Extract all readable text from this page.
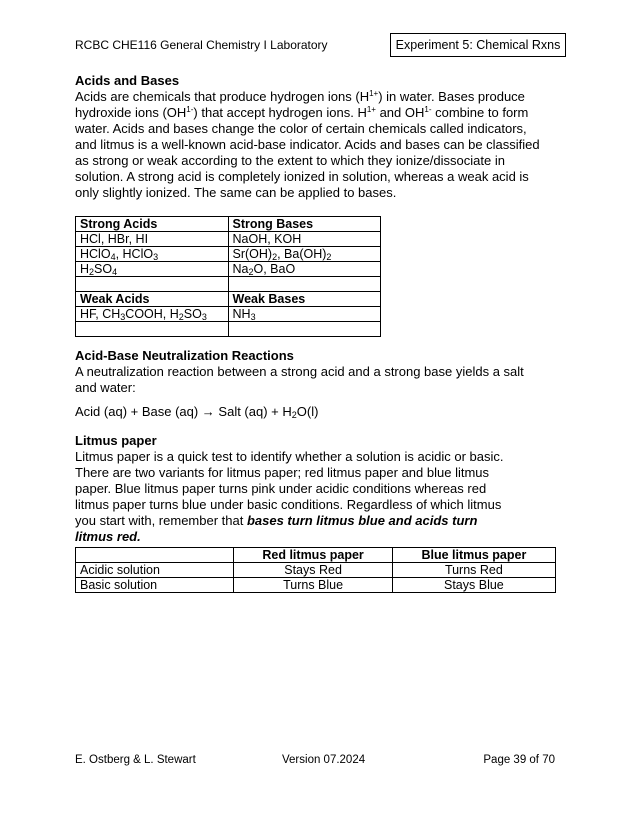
RCBC CHE116 General Chemistry I Laboratory	Experiment 5: Chemical Rxns
Acids and Bases

Acids are chemicals that produce hydrogen ions $(H^{1+})$ in water. Bases produce hydroxide ions $(OH^{1-})$ that accept hydrogen ions. $H^{1+}$ and $OH^{1-}$ combine to form water. Acids and bases change the color of certain chemicals called indicators, and litmus is a well-known acid-base indicator. Acids and bases can be classified as strong or weak according to the extent to which they ionize/dissociate in solution. A strong acid is completely ionized in solution, whereas a weak acid is only slightly ionized. The same can be applied to bases.

Strong Acids	Strong Bases
HCl, HBr, HI	NaOH, KOH
HClO$_4$, HClO$_3$	$Sr(OH)_2$, $Ba(OH)_2$
$H_2SO_4$	$Na_2O$, BaO

Weak Acids	Weak Bases
HF, $CH_3COOH$, $H_2SO_3$	$NH_3$

Acid-Base Neutralization Reactions
A neutralization reaction between a strong acid and a strong base yields a salt and water:
Acid (aq) + Base (aq) → Salt $(aq) + H_2O(l)$
Litmus paper

Litmus paper is a quick test to identify whether a solution is acidic or basic. There are two variants for litmus paper; red litmus paper and blue litmus paper. Blue litmus paper turns pink under acidic conditions whereas red litmus paper turns blue under basic conditions. Regardless of which litmus you start with, remember that bases turn litmus blue and acids turn litmus red.

	Red litmus paper	Blue litmus paper
Acidic solution	Stays Red	Turns Red
Basic solution	Turns Blue	Stays Blue
E. Ostberg & L. Stewart	Version 07.2024	Page 39 of 70
